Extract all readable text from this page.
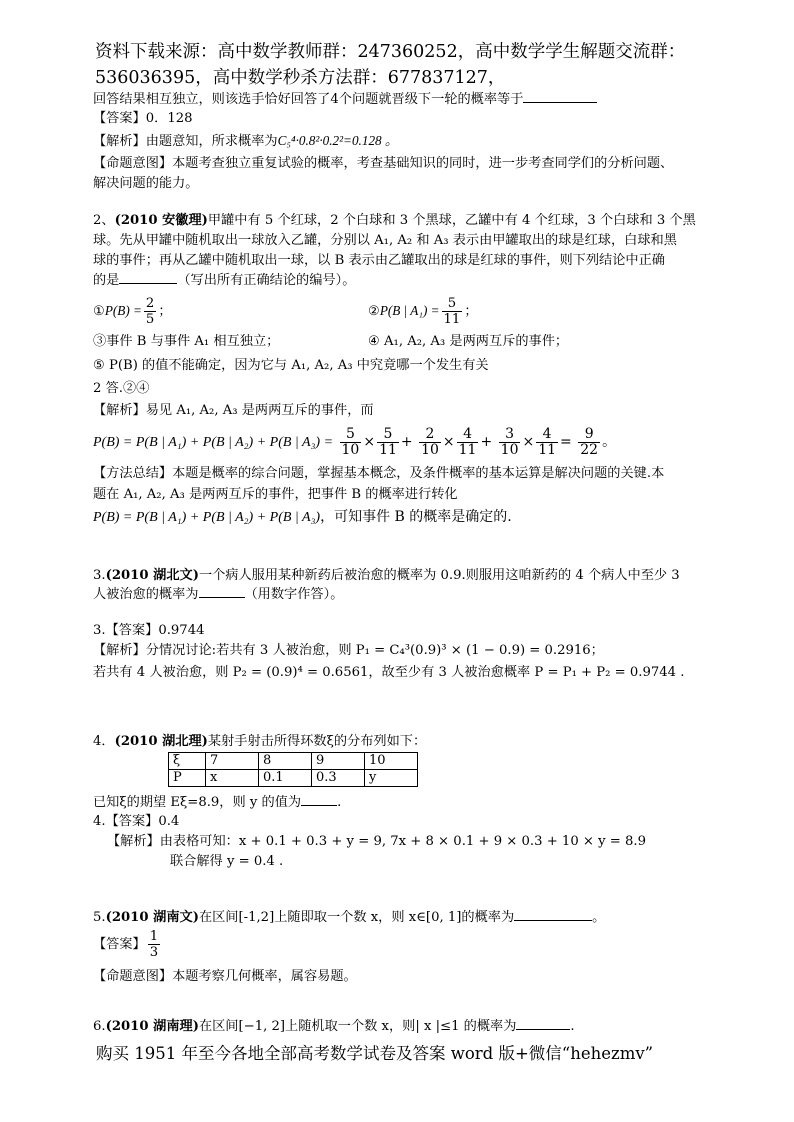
资料下载来源：高中数学教师群：247360252，高中数学学生解题交流群：
536036395，高中数学秒杀方法群：677837127，
回答结果相互独立，则该选手恰好回答了4个问题就晋级下一轮的概率等于
【答案】0．128
【解析】由题意知，所求概率为C₅⁴·0.8²·0.2²=0.128 。
【命题意图】本题考查独立重复试验的概率，考查基础知识的同时，进一步考查同学们的分析问题、
解决问题的能力。
2、(2010 安徽理)甲罐中有 5 个红球，2 个白球和 3 个黑球，乙罐中有 4 个红球，3 个白球和 3 个黑
球。先从甲罐中随机取出一球放入乙罐，分别以 A₁, A₂ 和 A₃ 表示由甲罐取出的球是红球，白球和黑
球的事件；再从乙罐中随机取出一球，以 B 表示由乙罐取出的球是红球的事件，则下列结论中正确
的是	（写出所有正确结论的编号）。
①P(B) = $\frac{2}{5}$ ；	②P(B | $A_1) = \frac{5}{11}$ ；
③事件 B 与事件 A₁ 相互独立；	④ A₁, A₂, A₃ 是两两互斥的事件；
⑤ P(B) 的值不能确定，因为它与 A₁, A₂, A₃ 中究竟哪一个发生有关
2 答.②④
【解析】易见 A₁, A₂, A₃ 是两两互斥的事件，而
P(B) = P(B | A₁) + P(B | A₂) + P(B | $A_3) = \frac{5}{10} \times \frac{5}{11} + \frac{2}{10} \times \frac{4}{11} + \frac{3}{10} \times \frac{4}{11} = \frac{9}{22}$ 。
【方法总结】本题是概率的综合问题，掌握基本概念，及条件概率的基本运算是解决问题的关键.本
题在 A₁, A₂, A₃ 是两两互斥的事件，把事件 B 的概率进行转化
P(B) = P(B | A₁) + P(B | A₂) + P(B | A₃)，可知事件 B 的概率是确定的.
3.(2010 湖北文)一个病人服用某种新药后被治愈的概率为 0.9.则服用这咱新药的 4 个病人中至少 3
人被治愈的概率为	（用数字作答）。
3.【答案】0.9744
【解析】分情况讨论:若共有 3 人被治愈，则 P₁ = C₄³(0.9)³ × (1 − 0.9) = 0.2916；
若共有 4 人被治愈，则 P₂ = (0.9)⁴ = 0.6561，故至少有 3 人被治愈概率 P = P₁ + P₂ = 0.9744 .
4．(2010 湖北理)某射手射击所得环数ξ的分布列如下：
ξ	7	8	9	10
P	x	0.1	0.3	y
已知ξ的期望 Eξ=8.9，则 y 的值为	.
4.【答案】0.4
【解析】由表格可知：x + 0.1 + 0.3 + y = 9, 7x + 8 × 0.1 + 9 × 0.3 + 10 × y = 8.9
联合解得 y = 0.4 .
5.(2010 湖南文)在区间[-1,2]上随即取一个数 x，则 x∈[0, 1]的概率为	。
【答案】 $\frac{1}{3}$
【命题意图】本题考察几何概率，属容易题。
6.(2010 湖南理)在区间[−1, 2]上随机取一个数 x，则| x |≤1 的概率为	.
购买 1951 年至今各地全部高考数学试卷及答案 word 版+微信“hehezmv”
